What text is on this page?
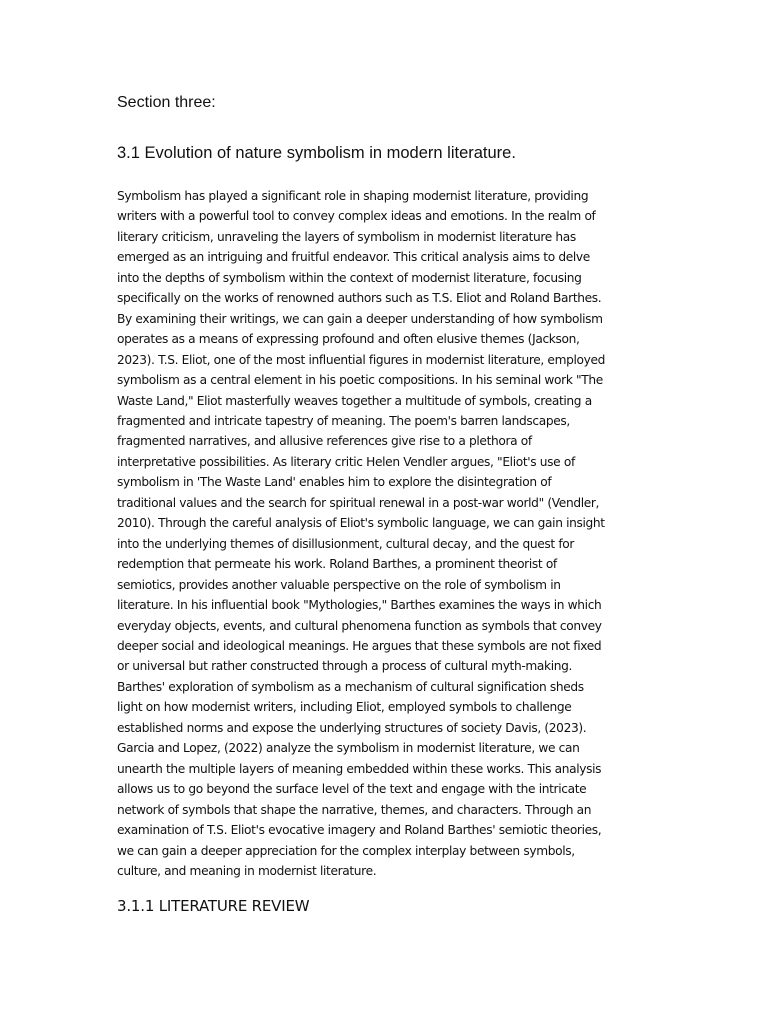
Section three:
3.1 Evolution of nature symbolism in modern literature.

Symbolism has played a significant role in shaping modernist literature, providing
writers with a powerful tool to convey complex ideas and emotions. In the realm of
literary criticism, unraveling the layers of symbolism in modernist literature has
emerged as an intriguing and fruitful endeavor. This critical analysis aims to delve
into the depths of symbolism within the context of modernist literature, focusing
specifically on the works of renowned authors such as T.S. Eliot and Roland Barthes.
By examining their writings, we can gain a deeper understanding of how symbolism
operates as a means of expressing profound and often elusive themes (Jackson,
2023). T.S. Eliot, one of the most influential figures in modernist literature, employed
symbolism as a central element in his poetic compositions. In his seminal work "The
Waste Land," Eliot masterfully weaves together a multitude of symbols, creating a
fragmented and intricate tapestry of meaning. The poem's barren landscapes,
fragmented narratives, and allusive references give rise to a plethora of
interpretative possibilities. As literary critic Helen Vendler argues, "Eliot's use of
symbolism in 'The Waste Land' enables him to explore the disintegration of
traditional values and the search for spiritual renewal in a post-war world" (Vendler,
2010). Through the careful analysis of Eliot's symbolic language, we can gain insight
into the underlying themes of disillusionment, cultural decay, and the quest for
redemption that permeate his work. Roland Barthes, a prominent theorist of
semiotics, provides another valuable perspective on the role of symbolism in
literature. In his influential book "Mythologies," Barthes examines the ways in which
everyday objects, events, and cultural phenomena function as symbols that convey
deeper social and ideological meanings. He argues that these symbols are not fixed
or universal but rather constructed through a process of cultural myth-making.
Barthes' exploration of symbolism as a mechanism of cultural signification sheds
light on how modernist writers, including Eliot, employed symbols to challenge
established norms and expose the underlying structures of society Davis, (2023).
Garcia and Lopez, (2022) analyze the symbolism in modernist literature, we can
unearth the multiple layers of meaning embedded within these works. This analysis
allows us to go beyond the surface level of the text and engage with the intricate
network of symbols that shape the narrative, themes, and characters. Through an
examination of T.S. Eliot's evocative imagery and Roland Barthes' semiotic theories,
we can gain a deeper appreciation for the complex interplay between symbols,
culture, and meaning in modernist literature.

3.1.1 LITERATURE REVIEW
